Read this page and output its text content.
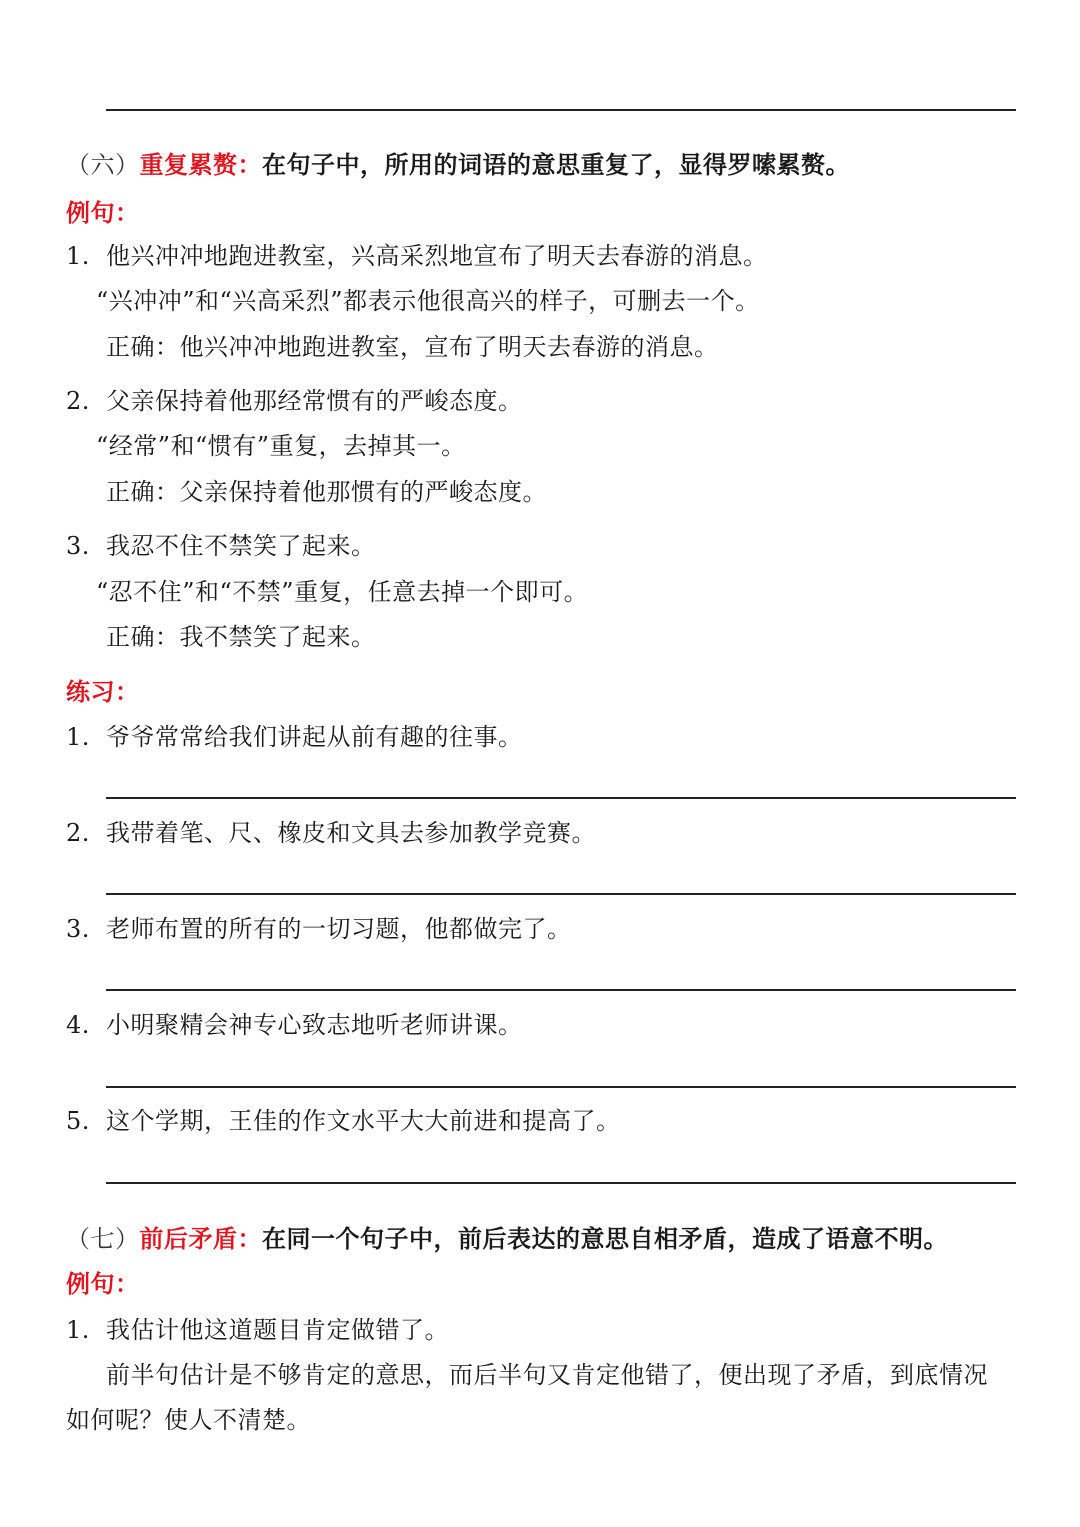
（六）重复累赘：在句子中，所用的词语的意思重复了，显得罗嗦累赘。
例句：
1. 他兴冲冲地跑进教室，兴高采烈地宣布了明天去春游的消息。
“兴冲冲”和“兴高采烈”都表示他很高兴的样子，可删去一个。
正确：他兴冲冲地跑进教室，宣布了明天去春游的消息。
2. 父亲保持着他那经常惯有的严峻态度。
“经常”和“惯有”重复，去掉其一。
正确：父亲保持着他那惯有的严峻态度。
3. 我忍不住不禁笑了起来。
“忍不住”和“不禁”重复，任意去掉一个即可。
正确：我不禁笑了起来。
练习：
1. 爷爷常常给我们讲起从前有趣的往事。
2. 我带着笔、尺、橡皮和文具去参加教学竞赛。
3. 老师布置的所有的一切习题，他都做完了。
4. 小明聚精会神专心致志地听老师讲课。
5. 这个学期，王佳的作文水平大大前进和提高了。
（七）前后矛盾：在同一个句子中，前后表达的意思自相矛盾，造成了语意不明。
例句：
1. 我估计他这道题目肯定做错了。
前半句估计是不够肯定的意思，而后半句又肯定他错了，便出现了矛盾，到底情况
如何呢？使人不清楚。
